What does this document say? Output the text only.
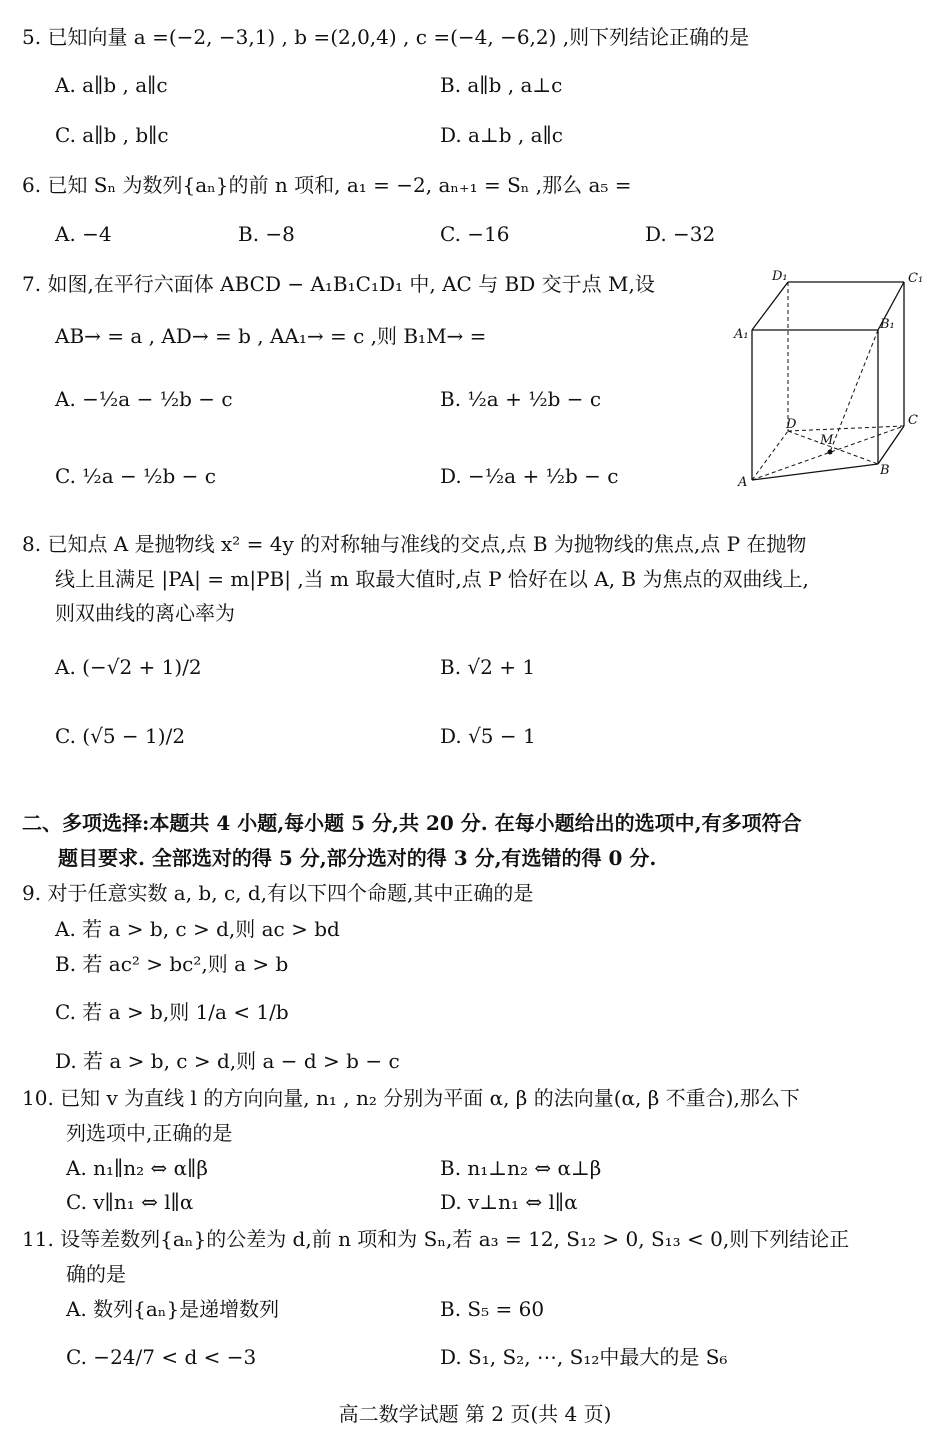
5. 已知向量 a =(−2, −3,1) , b =(2,0,4) , c =(−4, −6,2) ,则下列结论正确的是
A. a∥b , a∥c	B. a∥b , a⊥c
C. a∥b , b∥c	D. a⊥b , a∥c
6. 已知 Sₙ 为数列{aₙ}的前 n 项和, a₁ = −2, aₙ₊₁ = Sₙ ,那么 a₅ =
A. −4	B. −8	C. −16	D. −32
7. 如图,在平行六面体 ABCD − A₁B₁C₁D₁ 中, AC 与 BD 交于点 M,设
AB→ = a , AD→ = b , AA₁→ = c ,则 B₁M→ =
A. −½a − ½b − c	B. ½a + ½b − c
C. ½a − ½b − c	D. −½a + ½b − c
D₁	C₁
A₁
B₁
D	C
M
A
B
8. 已知点 A 是抛物线 x² = 4y 的对称轴与准线的交点,点 B 为抛物线的焦点,点 P 在抛物
线上且满足 |PA| = m|PB| ,当 m 取最大值时,点 P 恰好在以 A, B 为焦点的双曲线上,
则双曲线的离心率为
A. (−√2 + 1)/2	B. √2 + 1
C. (√5 − 1)/2	D. √5 − 1
二、多项选择:本题共 4 小题,每小题 5 分,共 20 分. 在每小题给出的选项中,有多项符合
题目要求. 全部选对的得 5 分,部分选对的得 3 分,有选错的得 0 分.
9. 对于任意实数 a, b, c, d,有以下四个命题,其中正确的是
A. 若 a > b, c > d,则 ac > bd
B. 若 ac² > bc²,则 a > b
C. 若 a > b,则 1/a < 1/b
D. 若 a > b, c > d,则 a − d > b − c
10. 已知 v 为直线 l 的方向向量, n₁ , n₂ 分别为平面 α, β 的法向量(α, β 不重合),那么下
列选项中,正确的是
A. n₁∥n₂ ⇔ α∥β	B. n₁⊥n₂ ⇔ α⊥β
C. v∥n₁ ⇔ l∥α	D. v⊥n₁ ⇔ l∥α
11. 设等差数列{aₙ}的公差为 d,前 n 项和为 Sₙ,若 a₃ = 12, S₁₂ > 0, S₁₃ < 0,则下列结论正
确的是
A. 数列{aₙ}是递增数列	B. S₅ = 60
C. −24/7 < d < −3	D. S₁, S₂, ⋯, S₁₂中最大的是 S₆
高二数学试题 第 2 页(共 4 页)
